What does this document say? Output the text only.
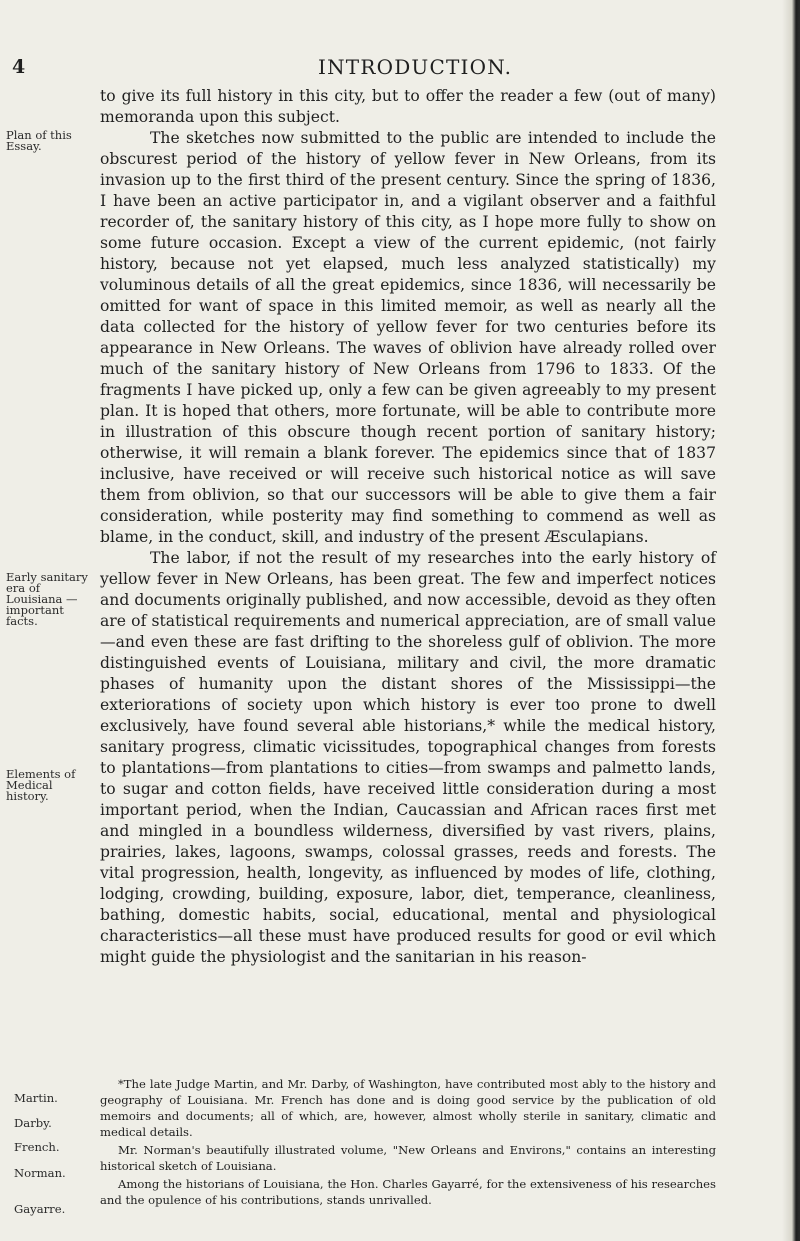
4	INTRODUCTION.

to give its full history in this city, but to offer the reader a few (out of many) memoranda upon this subject.

The sketches now submitted to the public are intended to include the obscurest period of the history of yellow fever in New Orleans, from its invasion up to the first third of the present century. Since the spring of 1836, I have been an active participator in, and a vigilant observer and a faithful recorder of, the sanitary history of this city, as I hope more fully to show on some future occasion. Except a view of the current epidemic, (not fairly history, because not yet elapsed, much less analyzed statistically) my voluminous details of all the great epidemics, since 1836, will necessarily be omitted for want of space in this limited memoir, as well as nearly all the data collected for the history of yellow fever for two centuries before its appearance in New Orleans. The waves of oblivion have already rolled over much of the sanitary history of New Orleans from 1796 to 1833. Of the fragments I have picked up, only a few can be given agreeably to my present plan. It is hoped that others, more fortunate, will be able to contribute more in illustration of this obscure though recent portion of sanitary history; otherwise, it will remain a blank forever. The epidemics since that of 1837 inclusive, have received or will receive such historical notice as will save them from oblivion, so that our successors will be able to give them a fair consideration, while posterity may find something to commend as well as blame, in the conduct, skill, and industry of the present Æsculapians.

The labor, if not the result of my researches into the early history of yellow fever in New Orleans, has been great. The few and imperfect notices and documents originally published, and now accessible, devoid as they often are of statistical requirements and numerical appreciation, are of small value—and even these are fast drifting to the shoreless gulf of oblivion. The more distinguished events of Louisiana, military and civil, the more dramatic phases of humanity upon the distant shores of the Mississippi—the exteriorations of society upon which history is ever too prone to dwell exclusively, have found several able historians,* while the medical history, sanitary progress, climatic vicissitudes, topographical changes from forests to plantations—from plantations to cities—from swamps and palmetto lands, to sugar and cotton fields, have received little consideration during a most important period, when the Indian, Caucassian and African races first met and mingled in a boundless wilderness, diversified by vast rivers, plains, prairies, lakes, lagoons, swamps, colossal grasses, reeds and forests. The vital progression, health, longevity, as influenced by modes of life, clothing, lodging, crowding, building, exposure, labor, diet, temperance, cleanliness, bathing, domestic habits, social, educational, mental and physiological characteristics—all these must have produced results for good or evil which might guide the physiologist and the sanitarian in his reason-

Plan of this Essay.
Early sanitary era of Louisiana — important facts.
Elements of Medical history.

*The late Judge Martin, and Mr. Darby, of Washington, have contributed most ably to the history and geography of Louisiana. Mr. French has done and is doing good service by the publication of old memoirs and documents; all of which, are, however, almost wholly sterile in sanitary, climatic and medical details.

Mr. Norman's beautifully illustrated volume, "New Orleans and Environs," contains an interesting historical sketch of Louisiana.

Among the historians of Louisiana, the Hon. Charles Gayarré, for the extensiveness of his researches and the opulence of his contributions, stands unrivalled.

Martin.
Darby.
French.
Norman.
Gayarre.
